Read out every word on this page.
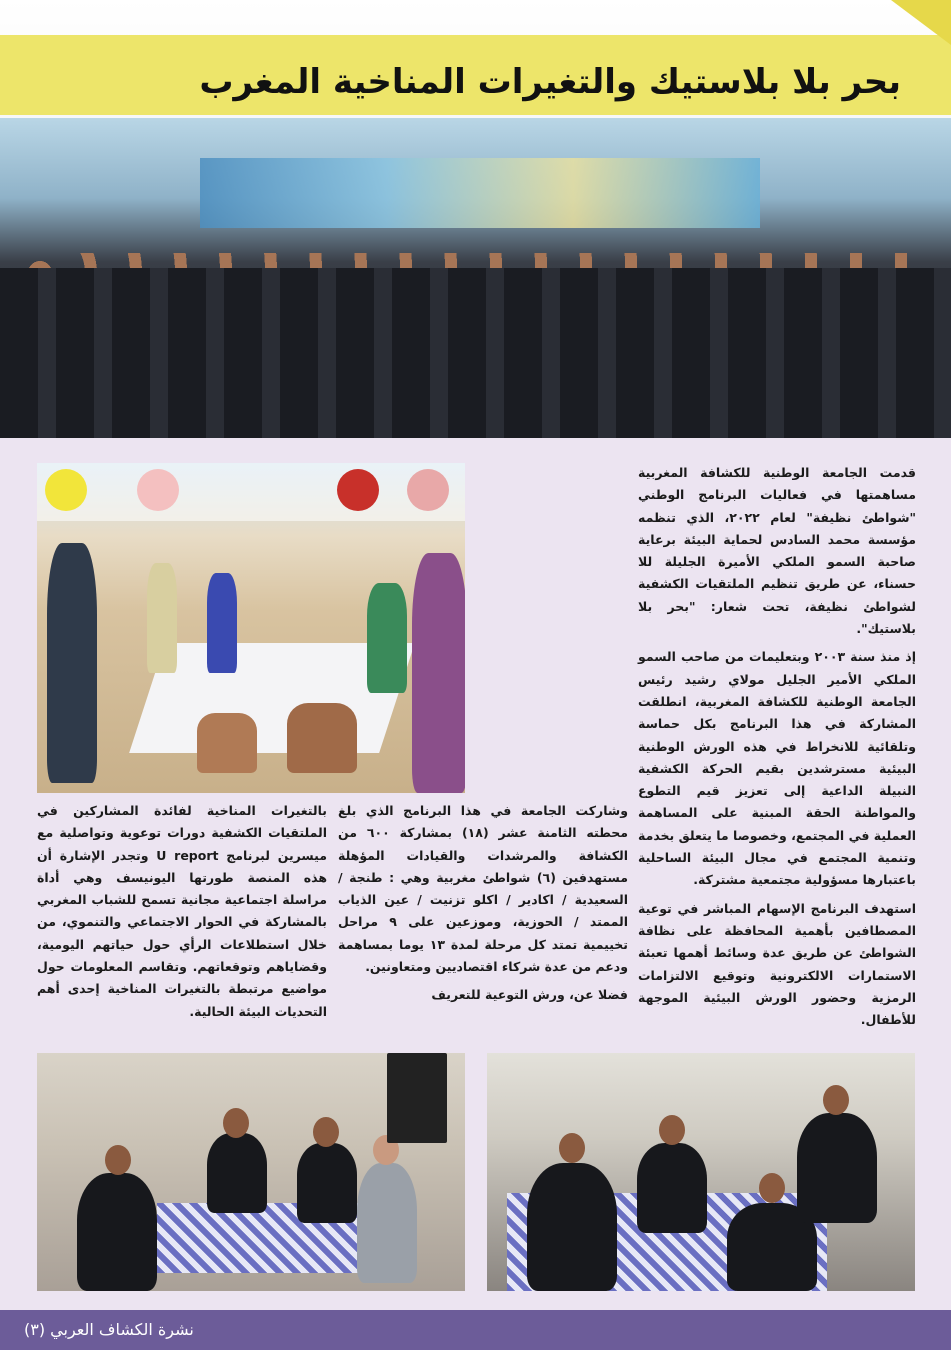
بحر بلا بلاستيك والتغيرات المناخية المغرب

قدمت الجامعة الوطنية للكشافة المغربية مساهمتها في فعاليات البرنامج الوطني "شواطئ نظيفة" لعام ٢٠٢٢، الذي تنظمه مؤسسة محمد السادس لحماية البيئة برعاية صاحبة السمو الملكي الأميرة الجليلة للا حسناء، عن طريق تنظيم الملتقيات الكشفية لشواطئ نظيفة، تحت شعار: "بحر بلا بلاستيك".

إذ منذ سنة ٢٠٠٣ وبتعليمات من صاحب السمو الملكي الأمير الجليل مولاي رشيد رئيس الجامعة الوطنية للكشافة المغربية، انطلقت المشاركة في هذا البرنامج بكل حماسة وتلقائية للانخراط في هذه الورش الوطنية البيئية مسترشدين بقيم الحركة الكشفية النبيلة الداعية إلى تعزيز قيم التطوع والمواطنة الحقة المبنية على المساهمة العملية في المجتمع، وخصوصا ما يتعلق بخدمة وتنمية المجتمع في مجال البيئة الساحلية باعتبارها مسؤولية مجتمعية مشتركة.

استهدف البرنامج الإسهام المباشر في توعية المصطافين بأهمية المحافظة على نظافة الشواطئ عن طريق عدة وسائط أهمها تعبئة الاستمارات الالكترونية وتوقيع الالتزامات الرمزية وحضور الورش البيئية الموجهة للأطفال.

وشاركت الجامعة في هذا البرنامج الذي بلغ محطته الثامنة عشر (١٨) بمشاركة ٦٠٠ من الكشافة والمرشدات والقيادات المؤهلة مستهدفين (٦) شواطئ مغربية وهي : طنجة / السعيدية / اكادير / اكلو تزنيت / عين الذياب الممتد / الحوزية، وموزعين على ٩ مراحل تخييمية تمتد كل مرحلة لمدة ١٣ يوما بمساهمة ودعم من عدة شركاء اقتصاديين ومتعاونين.

فضلا عن، ورش التوعية للتعريف

بالتغيرات المناخية لفائدة المشاركين في الملتقيات الكشفية دورات توعوية وتواصلية مع ميسرين لبرنامج U report وتجدر الإشارة أن هذه المنصة طورتها اليونيسف وهي أداة مراسلة اجتماعية مجانية تسمح للشباب المغربي بالمشاركة في الحوار الاجتماعي والتنموي، من خلال استطلاعات الرأي حول حياتهم اليومية، وقضاياهم وتوقعاتهم. وتقاسم المعلومات حول مواضيع مرتبطة بالتغيرات المناخية إحدى أهم التحديات البيئة الحالية.

نشرة الكشاف العربي (٣)
